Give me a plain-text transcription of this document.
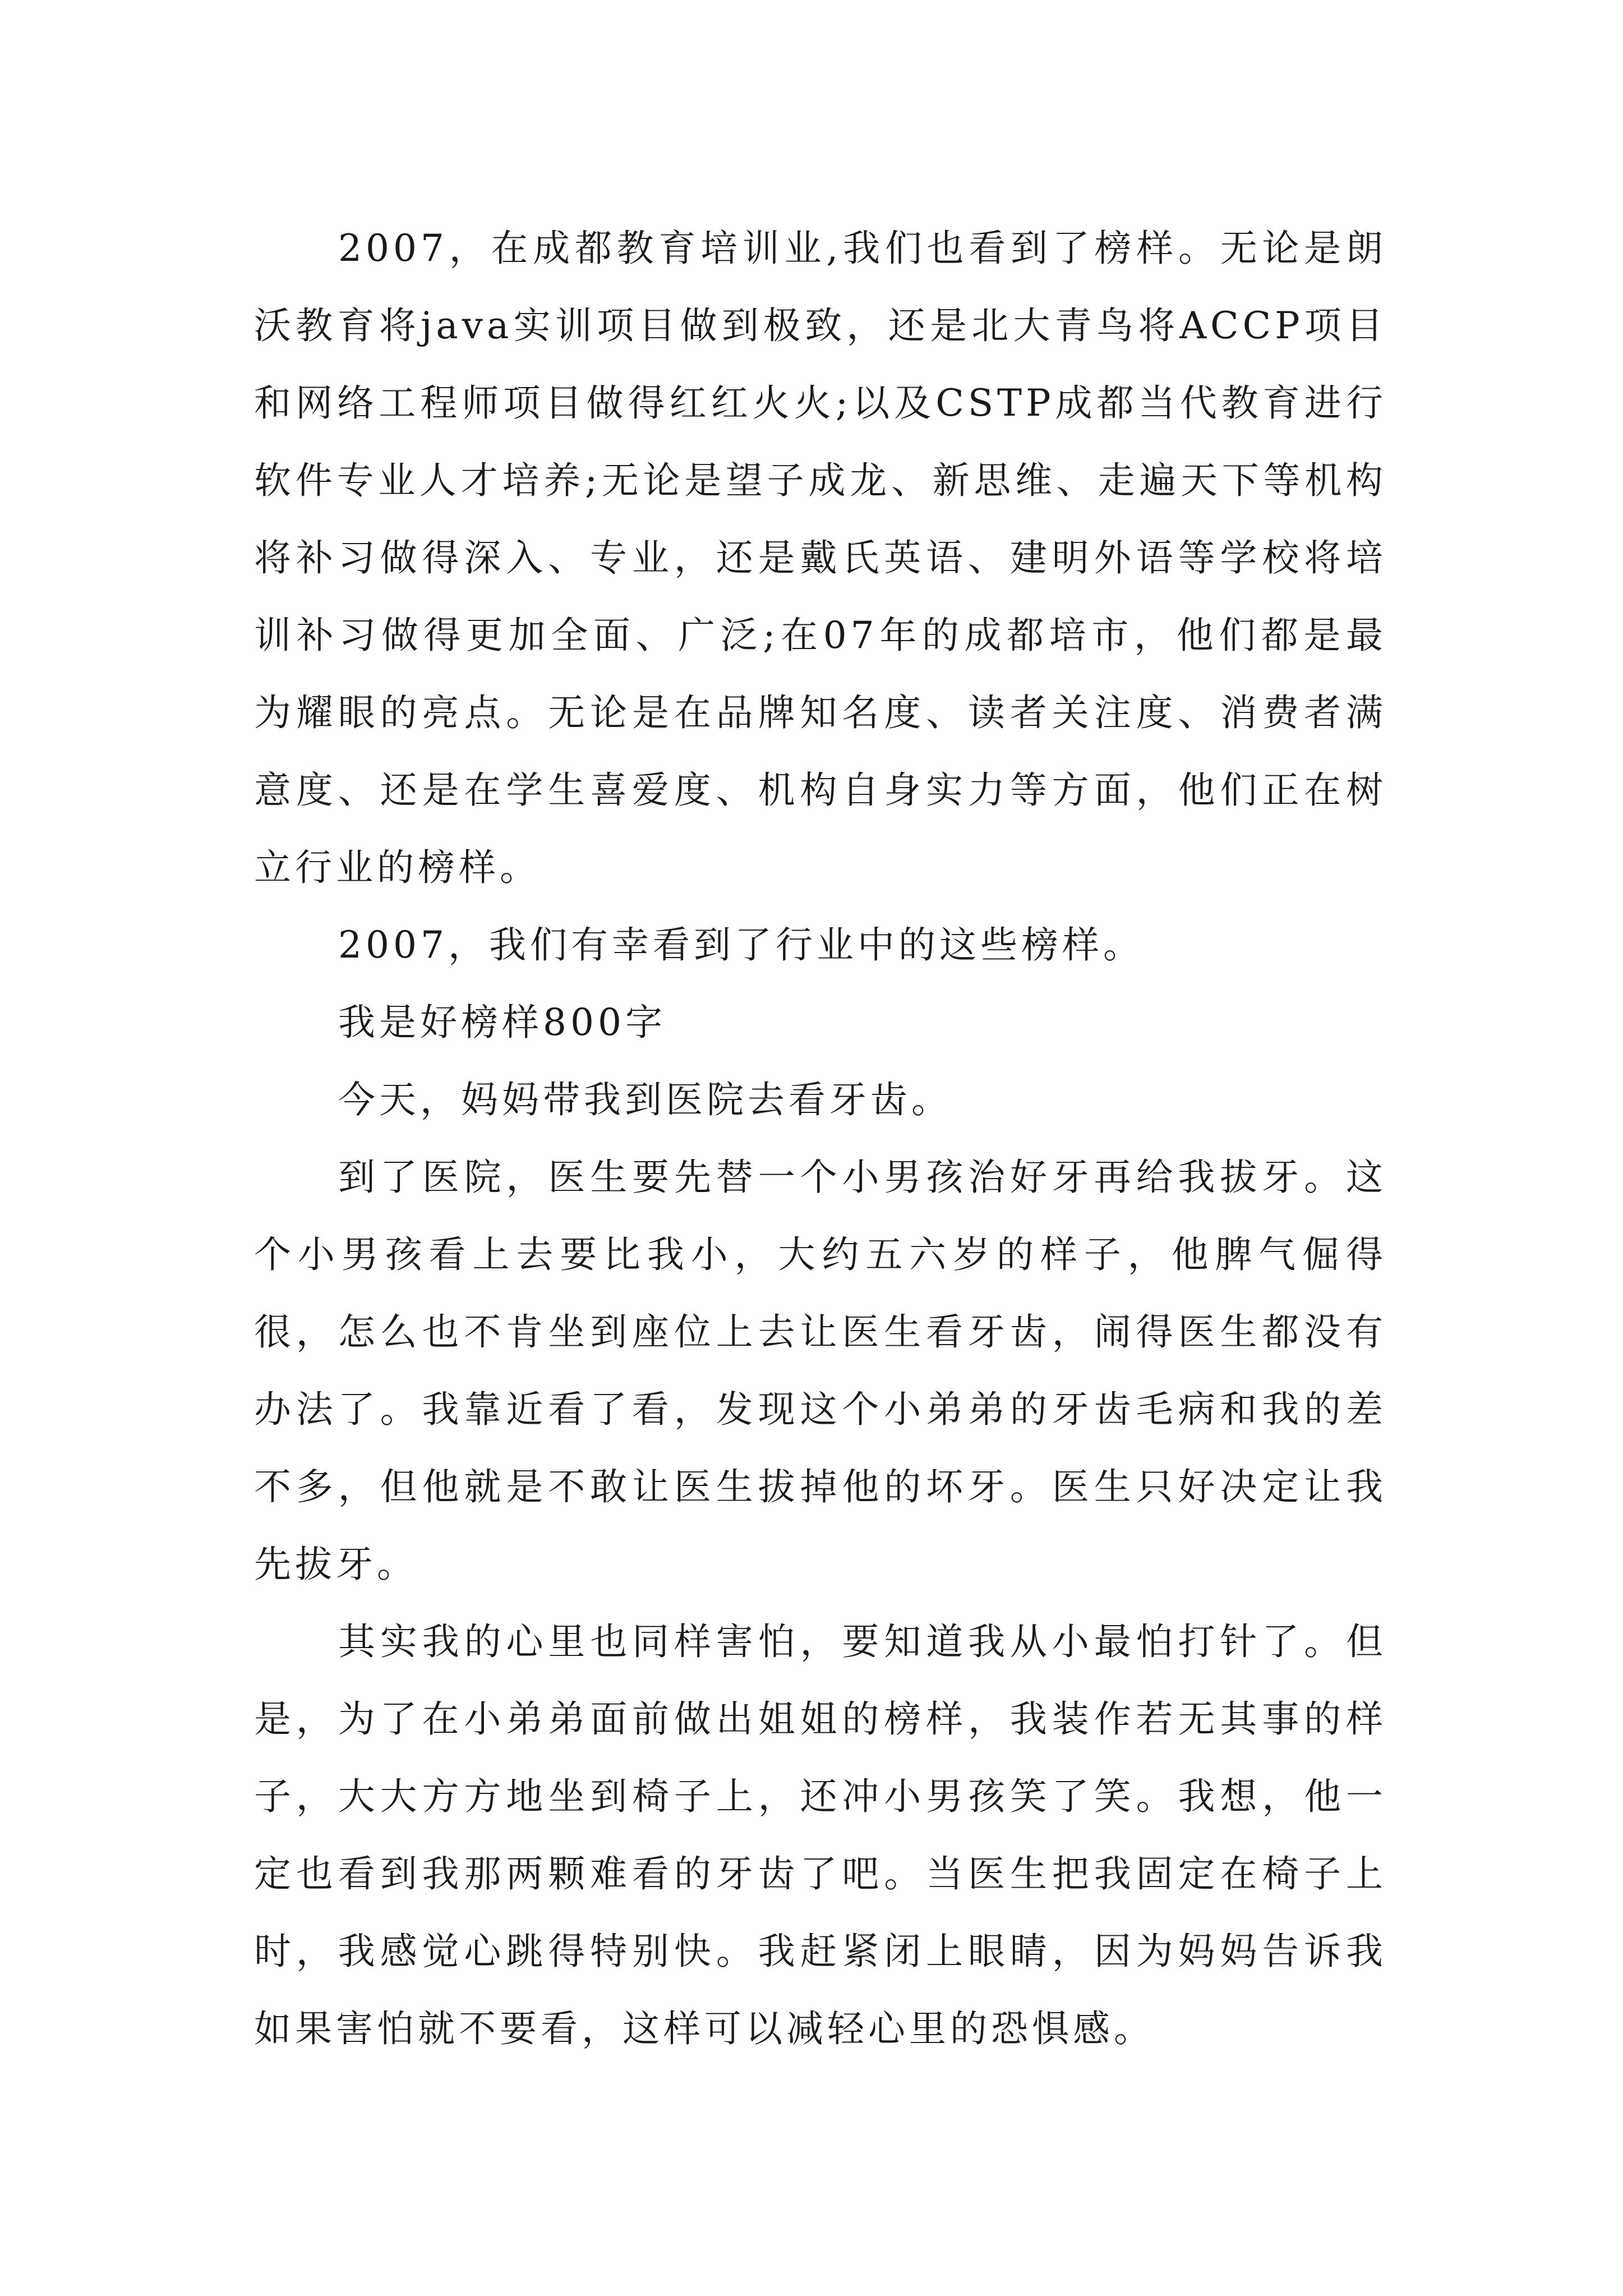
2007，在成都教育培训业,我们也看到了榜样。无论是朗沃教育将java实训项目做到极致，还是北大青鸟将ACCP项目和网络工程师项目做得红红火火;以及CSTP成都当代教育进行软件专业人才培养;无论是望子成龙、新思维、走遍天下等机构将补习做得深入、专业，还是戴氏英语、建明外语等学校将培训补习做得更加全面、广泛;在07年的成都培市，他们都是最为耀眼的亮点。无论是在品牌知名度、读者关注度、消费者满意度、还是在学生喜爱度、机构自身实力等方面，他们正在树立行业的榜样。

2007，我们有幸看到了行业中的这些榜样。

我是好榜样800字

今天，妈妈带我到医院去看牙齿。

到了医院，医生要先替一个小男孩治好牙再给我拔牙。这个小男孩看上去要比我小，大约五六岁的样子，他脾气倔得很，怎么也不肯坐到座位上去让医生看牙齿，闹得医生都没有办法了。我靠近看了看，发现这个小弟弟的牙齿毛病和我的差不多，但他就是不敢让医生拔掉他的坏牙。医生只好决定让我先拔牙。

其实我的心里也同样害怕，要知道我从小最怕打针了。但是，为了在小弟弟面前做出姐姐的榜样，我装作若无其事的样子，大大方方地坐到椅子上，还冲小男孩笑了笑。我想，他一定也看到我那两颗难看的牙齿了吧。当医生把我固定在椅子上时，我感觉心跳得特别快。我赶紧闭上眼睛，因为妈妈告诉我如果害怕就不要看，这样可以减轻心里的恐惧感。
